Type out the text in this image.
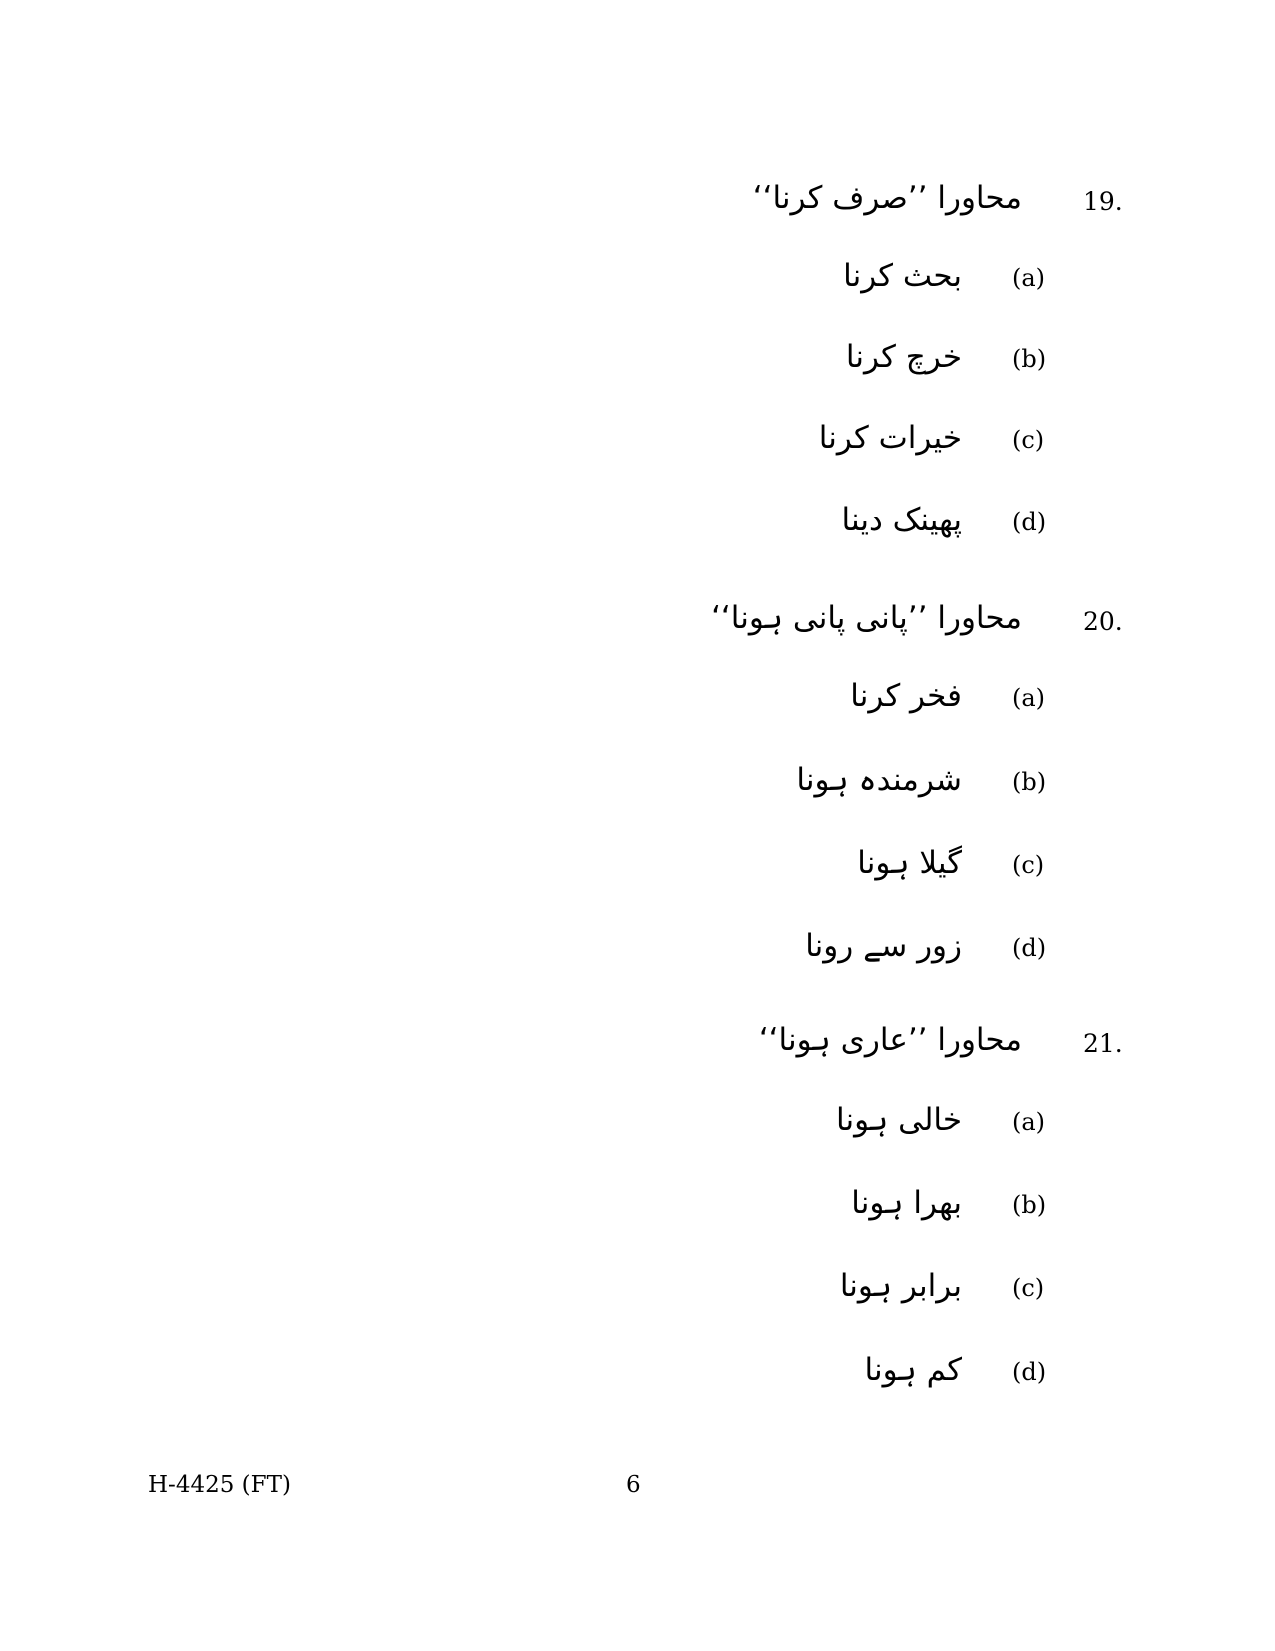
19.
محاورا ’’صرف کرنا‘‘
(a)
بحث کرنا
(b)
خرچ کرنا
(c)
خیرات کرنا
(d)
پھینک دینا
20.
محاورا ’’پانی پانی ہونا‘‘
(a)
فخر کرنا
(b)
شرمندہ ہونا
(c)
گیلا ہونا
(d)
زور سے رونا
21.
محاورا ’’عاری ہونا‘‘
(a)
خالی ہونا
(b)
بھرا ہونا
(c)
برابر ہونا
(d)
کم ہونا
H-4425 (FT)	6
